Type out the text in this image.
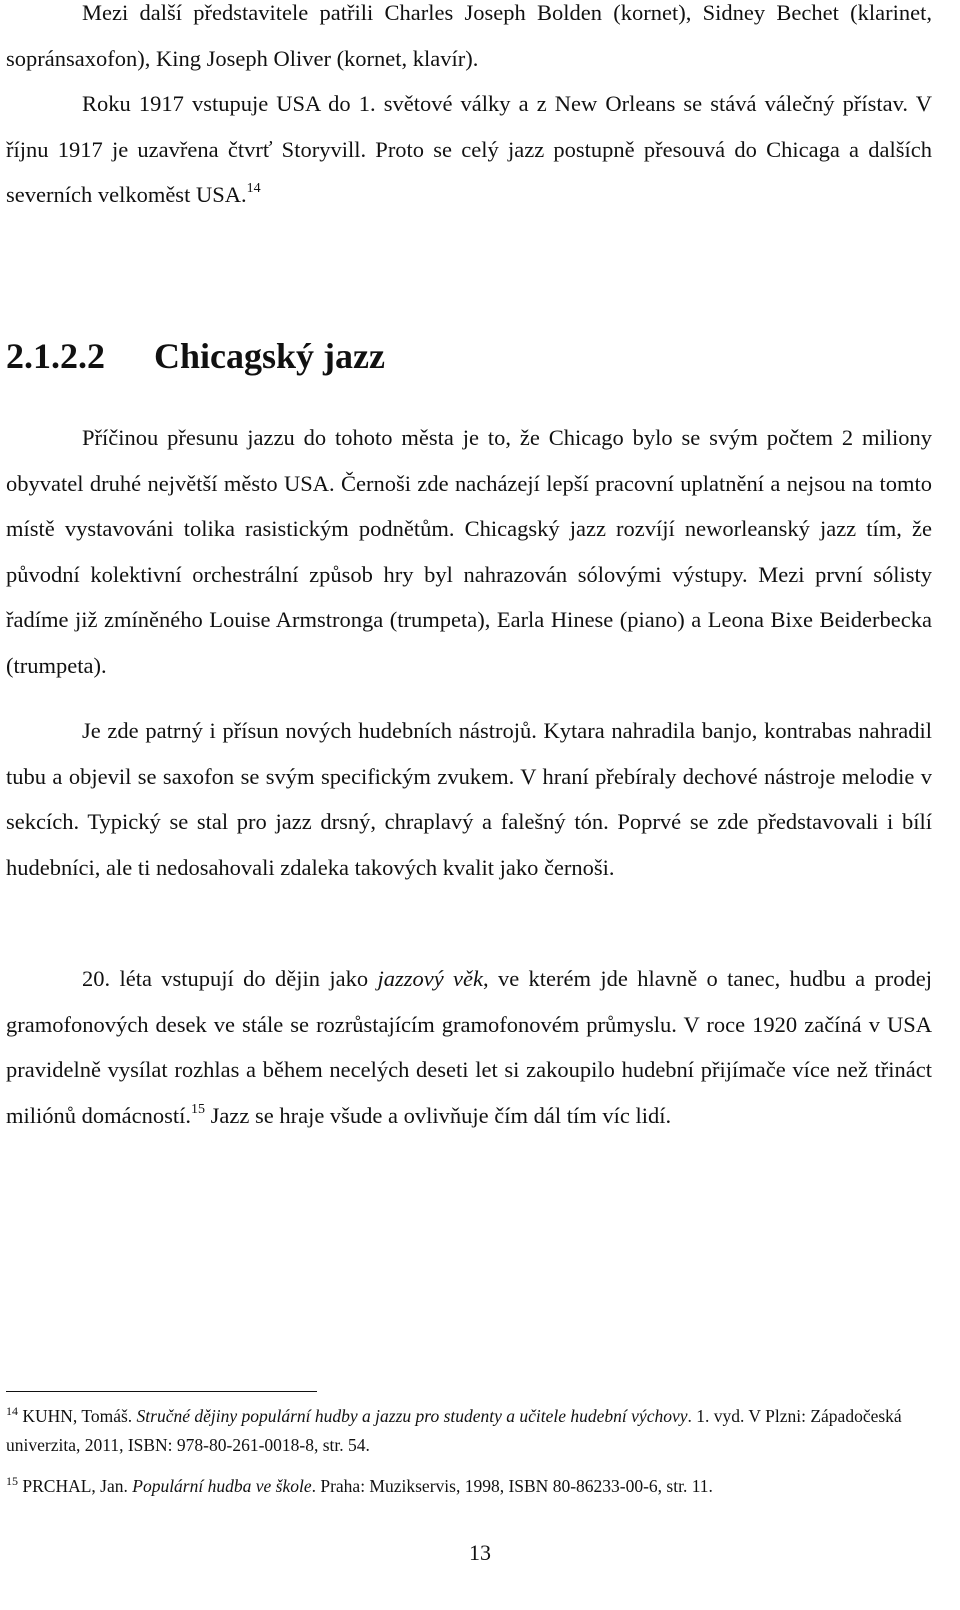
Mezi další představitele patřili Charles Joseph Bolden (kornet), Sidney Bechet (klarinet, sopránsaxofon), King Joseph Oliver (kornet, klavír).

Roku 1917 vstupuje USA do 1. světové války a z New Orleans se stává válečný přístav. V říjnu 1917 je uzavřena čtvrť Storyvill. Proto se celý jazz postupně přesouvá do Chicaga a dalších severních velkoměst USA.$^{14}$

2.1.2.2 Chicagský jazz

Příčinou přesunu jazzu do tohoto města je to, že Chicago bylo se svým počtem 2 miliony obyvatel druhé největší město USA. Černoši zde nacházejí lepší pracovní uplatnění a nejsou na tomto místě vystavováni tolika rasistickým podnětům. Chicagský jazz rozvíjí neworleanský jazz tím, že původní kolektivní orchestrální způsob hry byl nahrazován sólovými výstupy. Mezi první sólisty řadíme již zmíněného Louise Armstronga (trumpeta), Earla Hinese (piano) a Leona Bixe Beiderbecka (trumpeta).

Je zde patrný i přísun nových hudebních nástrojů. Kytara nahradila banjo, kontrabas nahradil tubu a objevil se saxofon se svým specifickým zvukem. V hraní přebíraly dechové nástroje melodie v sekcích. Typický se stal pro jazz drsný, chraplavý a falešný tón. Poprvé se zde představovali i bílí hudebníci, ale ti nedosahovali zdaleka takových kvalit jako černoši.

20. léta vstupují do dějin jako jazzový věk, ve kterém jde hlavně o tanec, hudbu a prodej gramofonových desek ve stále se rozrůstajícím gramofonovém průmyslu. V roce 1920 začíná v USA pravidelně vysílat rozhlas a během necelých deseti let si zakoupilo hudební přijímače více než třináct miliónů domácností.$^{15}$ Jazz se hraje všude a ovlivňuje čím dál tím víc lidí.

$^{14}$ KUHN, Tomáš. Stručné dějiny populární hudby a jazzu pro studenty a učitele hudební výchovy. 1. vyd. V Plzni: Západočeská univerzita, 2011, ISBN: 978-80-261-0018-8, str. 54.

$^{15}$ PRCHAL, Jan. Populární hudba ve škole. Praha: Muzikservis, 1998, ISBN 80-86233-00-6, str. 11.

13
